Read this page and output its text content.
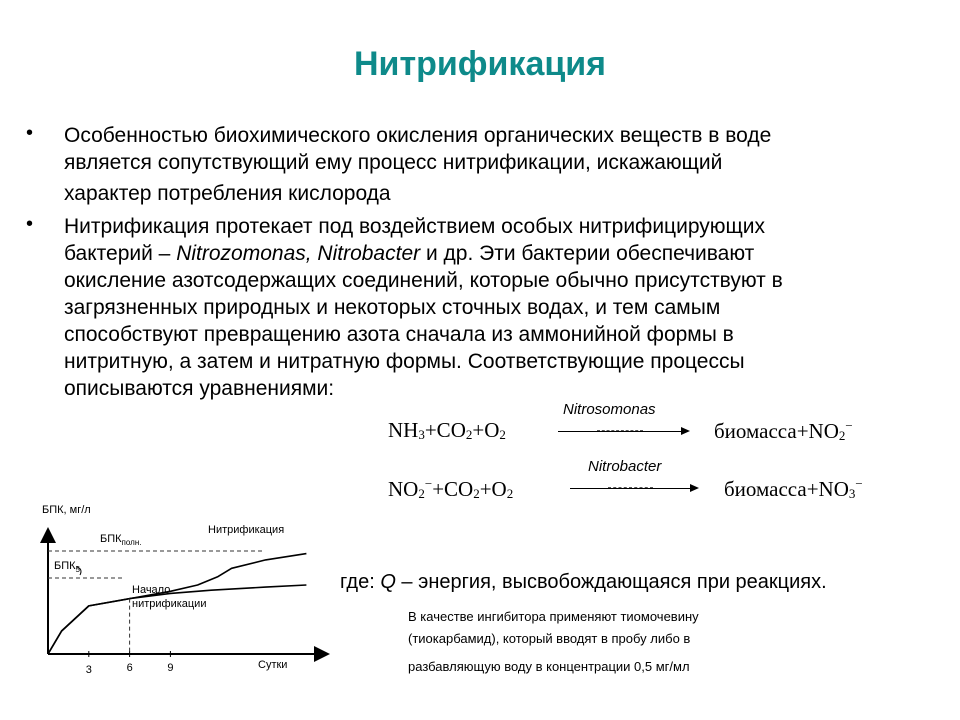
Нитрификация
• Особенностью биохимического окисления органических веществ в воде
является сопутствующий ему процесс нитрификации, искажающий
характер потребления кислорода
• Нитрификация протекает под воздействием особых нитрифицирующих
бактерий – Nitrozomonas, Nitrobacter и др. Эти бактерии обеспечивают
окисление азотсодержащих соединений, которые обычно присутствуют в
загрязненных природных и некоторых сточных водах, и тем самым
способствуют превращению азота сначала из аммонийной формы в
нитритную, а затем и нитратную формы. Соответствующие процессы
описываются уравнениями:
$NH_3+CO_2+O_2$
Nitrosomonas
$биомасса+NO_2^-$
$NO_2^-+CO_2+O_2$
Nitrobacter
$биомасса+NO_3^-$
где: Q – энергия, высвобождающаяся при реакциях.
В качестве ингибитора применяют тиомочевину
(тиокарбамид), который вводят в пробу либо в
разбавляющую воду в концентрации 0,5 мг/мл
БПК, мг/л
Сутки
$БПК_{полн.}$
$БПК_5$
3	6	9
Нитрификация
Начало
нитрификации
